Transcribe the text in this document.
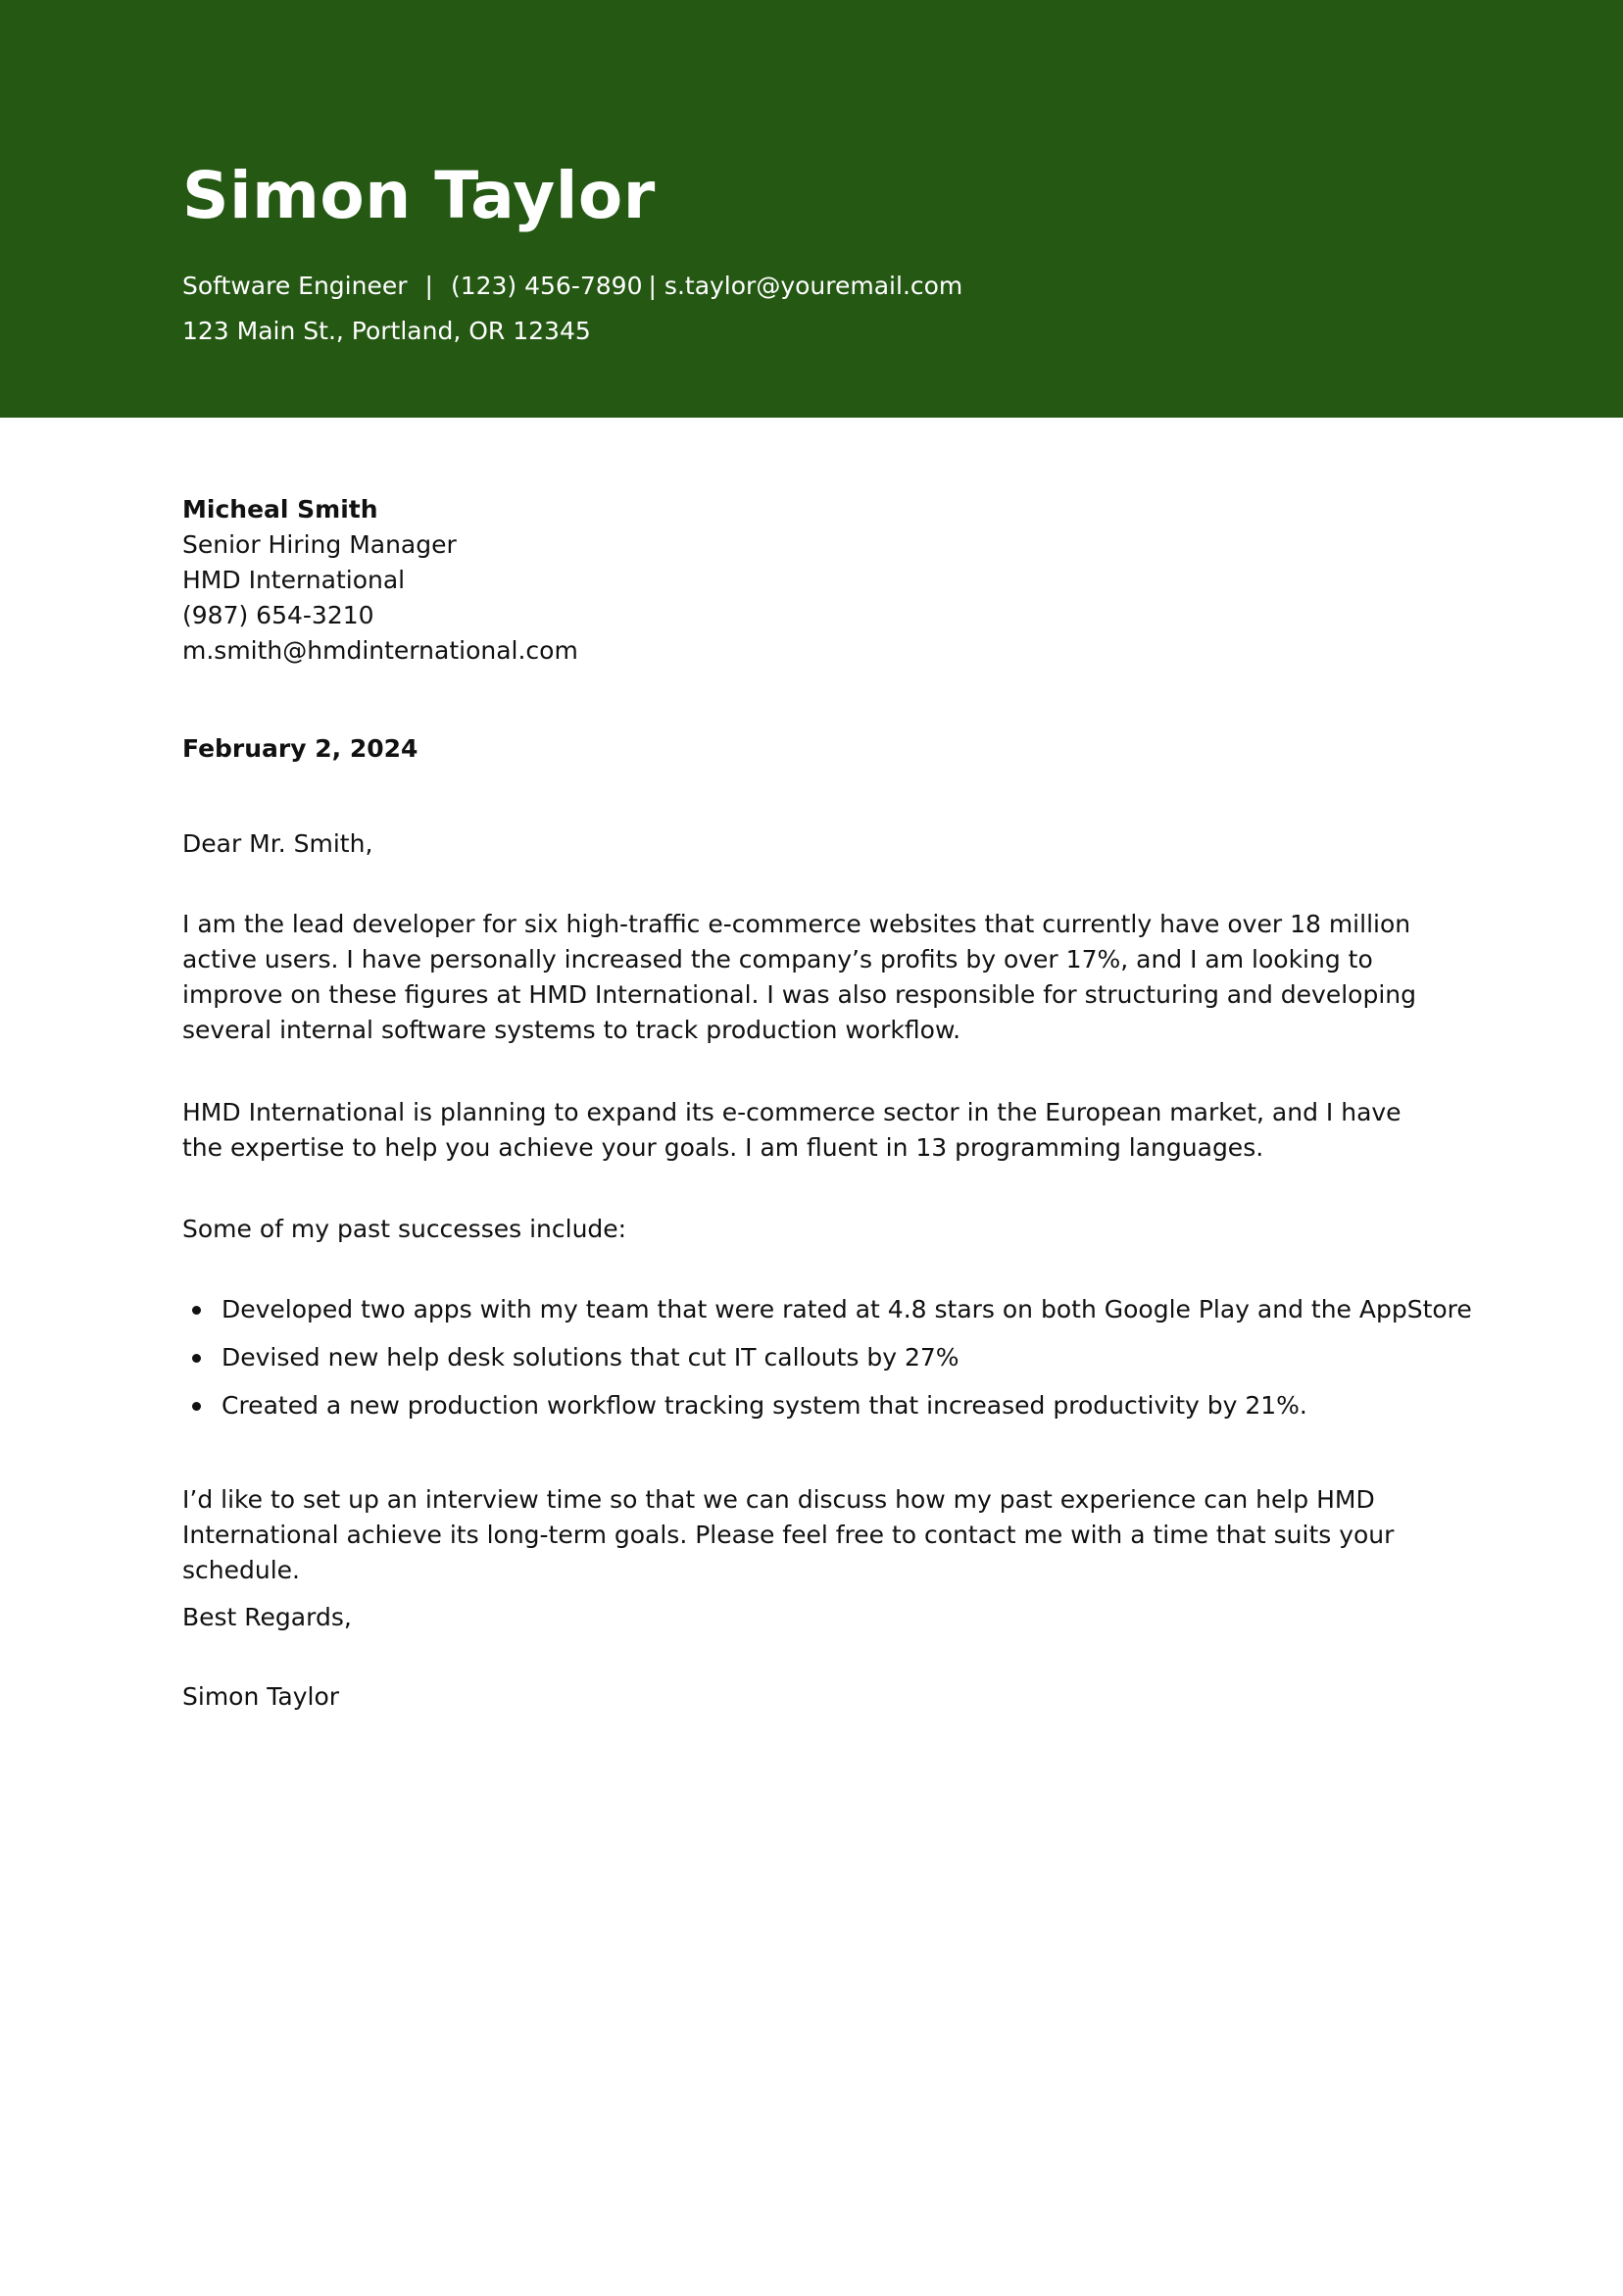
Simon Taylor
Software Engineer | (123) 456-7890 | s.taylor@youremail.com
123 Main St., Portland, OR 12345
Micheal Smith
Senior Hiring Manager
HMD International
(987) 654-3210
m.smith@hmdinternational.com
February 2, 2024
Dear Mr. Smith,

I am the lead developer for six high-traffic e-commerce websites that currently have over 18 million active users. I have personally increased the company’s profits by over 17%, and I am looking to improve on these figures at HMD International. I was also responsible for structuring and developing several internal software systems to track production workflow.

HMD International is planning to expand its e-commerce sector in the European market, and I have the expertise to help you achieve your goals. I am fluent in 13 programming languages.

Some of my past successes include:

Developed two apps with my team that were rated at 4.8 stars on both Google Play and the AppStore
Devised new help desk solutions that cut IT callouts by 27%
Created a new production workflow tracking system that increased productivity by 21%.

I’d like to set up an interview time so that we can discuss how my past experience can help HMD International achieve its long-term goals. Please feel free to contact me with a time that suits your schedule.

Best Regards,
Simon Taylor
